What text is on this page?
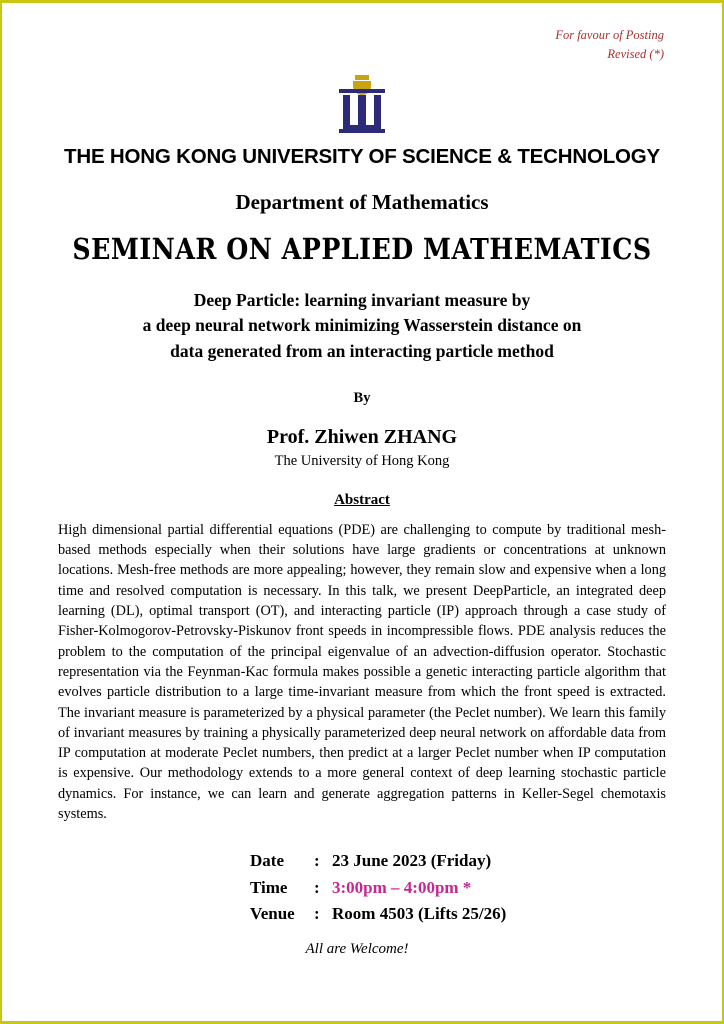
For favour of Posting
Revised (*)
THE HONG KONG UNIVERSITY OF SCIENCE & TECHNOLOGY
Department of Mathematics
SEMINAR ON APPLIED MATHEMATICS
Deep Particle: learning invariant measure by
a deep neural network minimizing Wasserstein distance on
data generated from an interacting particle method
By
Prof. Zhiwen ZHANG
The University of Hong Kong
Abstract
High dimensional partial differential equations (PDE) are challenging to compute by traditional mesh-based methods especially when their solutions have large gradients or concentrations at unknown locations. Mesh-free methods are more appealing; however, they remain slow and expensive when a long time and resolved computation is necessary. In this talk, we present DeepParticle, an integrated deep learning (DL), optimal transport (OT), and interacting particle (IP) approach through a case study of Fisher-Kolmogorov-Petrovsky-Piskunov front speeds in incompressible flows. PDE analysis reduces the problem to the computation of the principal eigenvalue of an advection-diffusion operator. Stochastic representation via the Feynman-Kac formula makes possible a genetic interacting particle algorithm that evolves particle distribution to a large time-invariant measure from which the front speed is extracted. The invariant measure is parameterized by a physical parameter (the Peclet number). We learn this family of invariant measures by training a physically parameterized deep neural network on affordable data from IP computation at moderate Peclet numbers, then predict at a larger Peclet number when IP computation is expensive. Our methodology extends to a more general context of deep learning stochastic particle dynamics. For instance, we can learn and generate aggregation patterns in Keller-Segel chemotaxis systems.
Date	: 23 June 2023 (Friday)
Time	: 3:00pm – 4:00pm *
Venue	: Room 4503 (Lifts 25/26)
All are Welcome!
